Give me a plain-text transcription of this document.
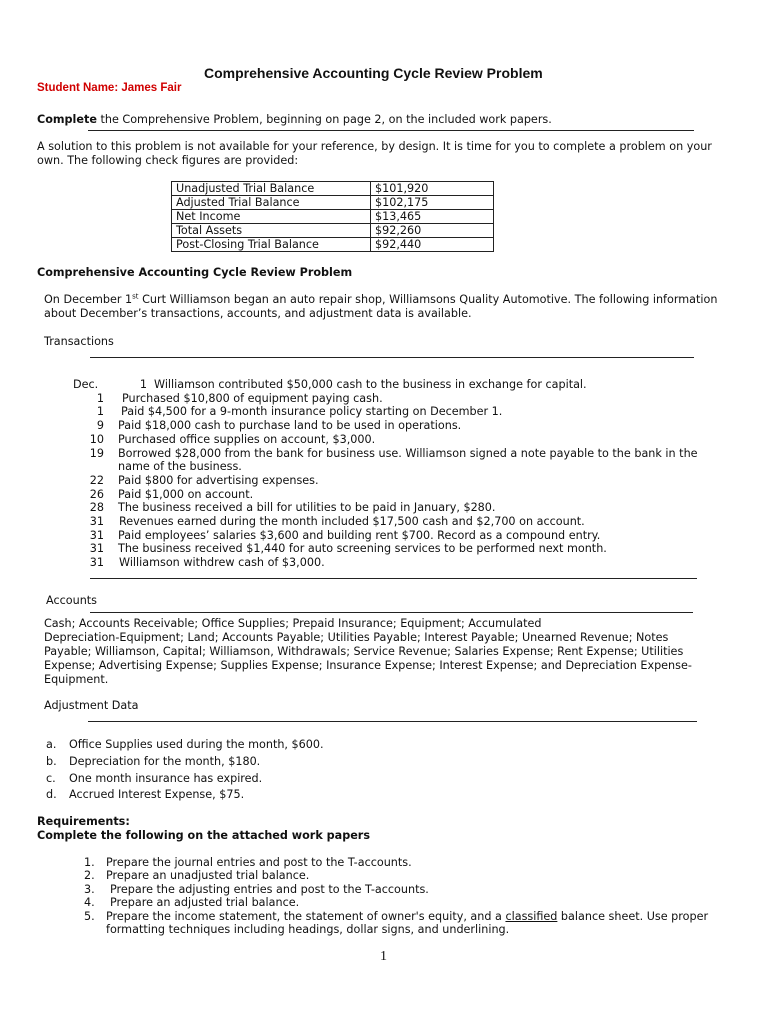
Comprehensive Accounting Cycle Review Problem
Student Name: James Fair
Complete the Comprehensive Problem, beginning on page 2, on the included work papers.
A solution to this problem is not available for your reference, by design. It is time for you to complete a problem on your
own. The following check figures are provided:
Unadjusted Trial Balance	$101,920
Adjusted Trial Balance	$102,175
Net Income	$13,465
Total Assets	$92,260
Post-Closing Trial Balance	$92,440
Comprehensive Accounting Cycle Review Problem
On December 1st Curt Williamson began an auto repair shop, Williamsons Quality Automotive. The following information
about December’s transactions, accounts, and adjustment data is available.
Transactions
Dec.	1 Williamson contributed $50,000 cash to the business in exchange for capital.
1 Purchased $10,800 of equipment paying cash.
1 Paid $4,500 for a 9-month insurance policy starting on December 1.
9 Paid $18,000 cash to purchase land to be used in operations.
10 Purchased office supplies on account, $3,000.
19 Borrowed $28,000 from the bank for business use. Williamson signed a note payable to the bank in the
name of the business.
22 Paid $800 for advertising expenses.
26 Paid $1,000 on account.
28 The business received a bill for utilities to be paid in January, $280.
31 Revenues earned during the month included $17,500 cash and $2,700 on account.
31 Paid employees’ salaries $3,600 and building rent $700. Record as a compound entry.
31 The business received $1,440 for auto screening services to be performed next month.
31 Williamson withdrew cash of $3,000.
Accounts
Cash; Accounts Receivable; Office Supplies; Prepaid Insurance; Equipment; Accumulated
Depreciation-Equipment; Land; Accounts Payable; Utilities Payable; Interest Payable; Unearned Revenue; Notes
Payable; Williamson, Capital; Williamson, Withdrawals; Service Revenue; Salaries Expense; Rent Expense; Utilities
Expense; Advertising Expense; Supplies Expense; Insurance Expense; Interest Expense; and Depreciation Expense-
Equipment.
Adjustment Data
a. Office Supplies used during the month, $600.
b. Depreciation for the month, $180.
c. One month insurance has expired.
d. Accrued Interest Expense, $75.
Requirements:
Complete the following on the attached work papers
1. Prepare the journal entries and post to the T-accounts.
2. Prepare an unadjusted trial balance.
3. Prepare the adjusting entries and post to the T-accounts.
4. Prepare an adjusted trial balance.
5. Prepare the income statement, the statement of owner's equity, and a classified balance sheet. Use proper
formatting techniques including headings, dollar signs, and underlining.
1
